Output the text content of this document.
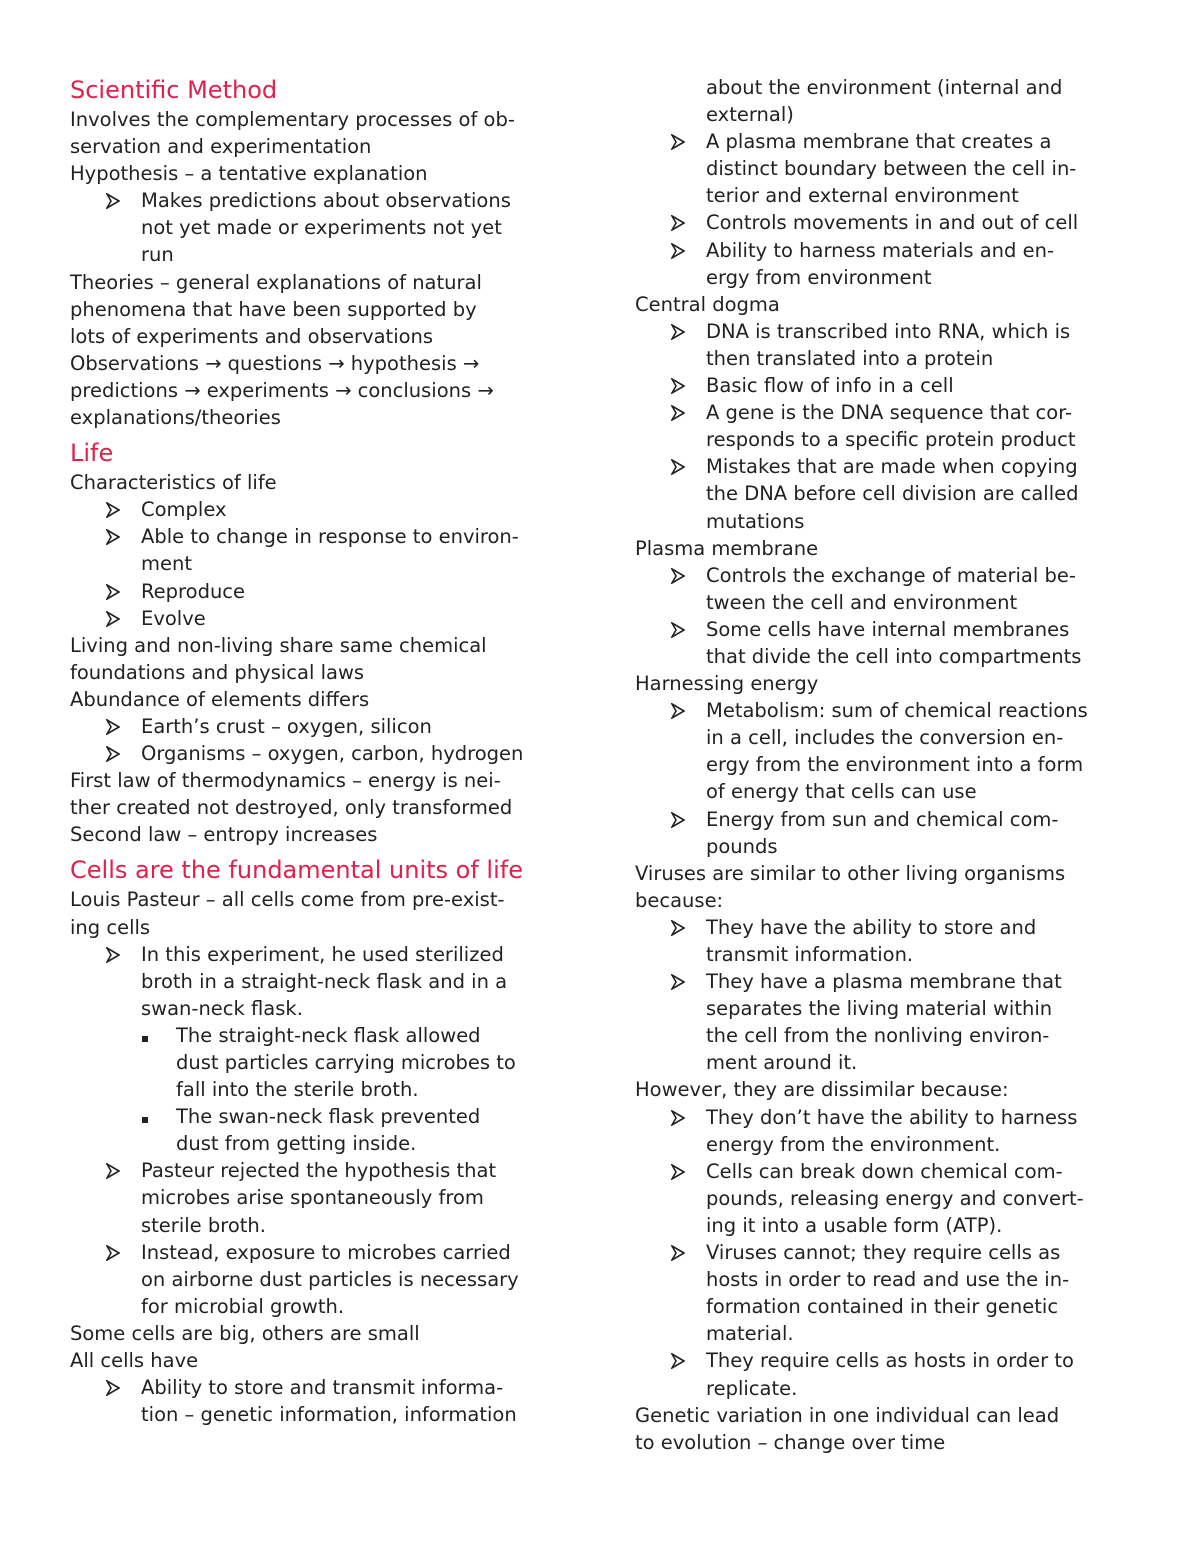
Scientific Method
Involves the complementary processes of ob-
servation and experimentation
Hypothesis – a tentative explanation
Makes predictions about observations
not yet made or experiments not yet
run
Theories – general explanations of natural
phenomena that have been supported by
lots of experiments and observations
Observations → questions → hypothesis →
predictions → experiments → conclusions →
explanations/theories
Life
Characteristics of life
Complex
Able to change in response to environ-
ment
Reproduce
Evolve
Living and non-living share same chemical
foundations and physical laws
Abundance of elements differs
Earth’s crust – oxygen, silicon
Organisms – oxygen, carbon, hydrogen
First law of thermodynamics – energy is nei-
ther created not destroyed, only transformed
Second law – entropy increases
Cells are the fundamental units of life
Louis Pasteur – all cells come from pre-exist-
ing cells
In this experiment, he used sterilized
broth in a straight-neck flask and in a
swan-neck flask.
The straight-neck flask allowed
dust particles carrying microbes to
fall into the sterile broth.
The swan-neck flask prevented
dust from getting inside.
Pasteur rejected the hypothesis that
microbes arise spontaneously from
sterile broth.
Instead, exposure to microbes carried
on airborne dust particles is necessary
for microbial growth.
Some cells are big, others are small
All cells have
Ability to store and transmit informa-
tion – genetic information, information
about the environment (internal and
external)
A plasma membrane that creates a
distinct boundary between the cell in-
terior and external environment
Controls movements in and out of cell
Ability to harness materials and en-
ergy from environment
Central dogma
DNA is transcribed into RNA, which is
then translated into a protein
Basic flow of info in a cell
A gene is the DNA sequence that cor-
responds to a specific protein product
Mistakes that are made when copying
the DNA before cell division are called
mutations
Plasma membrane
Controls the exchange of material be-
tween the cell and environment
Some cells have internal membranes
that divide the cell into compartments
Harnessing energy
Metabolism: sum of chemical reactions
in a cell, includes the conversion en-
ergy from the environment into a form
of energy that cells can use
Energy from sun and chemical com-
pounds
Viruses are similar to other living organisms
because:
They have the ability to store and
transmit information.
They have a plasma membrane that
separates the living material within
the cell from the nonliving environ-
ment around it.
However, they are dissimilar because:
They don’t have the ability to harness
energy from the environment.
Cells can break down chemical com-
pounds, releasing energy and convert-
ing it into a usable form (ATP).
Viruses cannot; they require cells as
hosts in order to read and use the in-
formation contained in their genetic
material.
They require cells as hosts in order to
replicate.
Genetic variation in one individual can lead
to evolution – change over time
